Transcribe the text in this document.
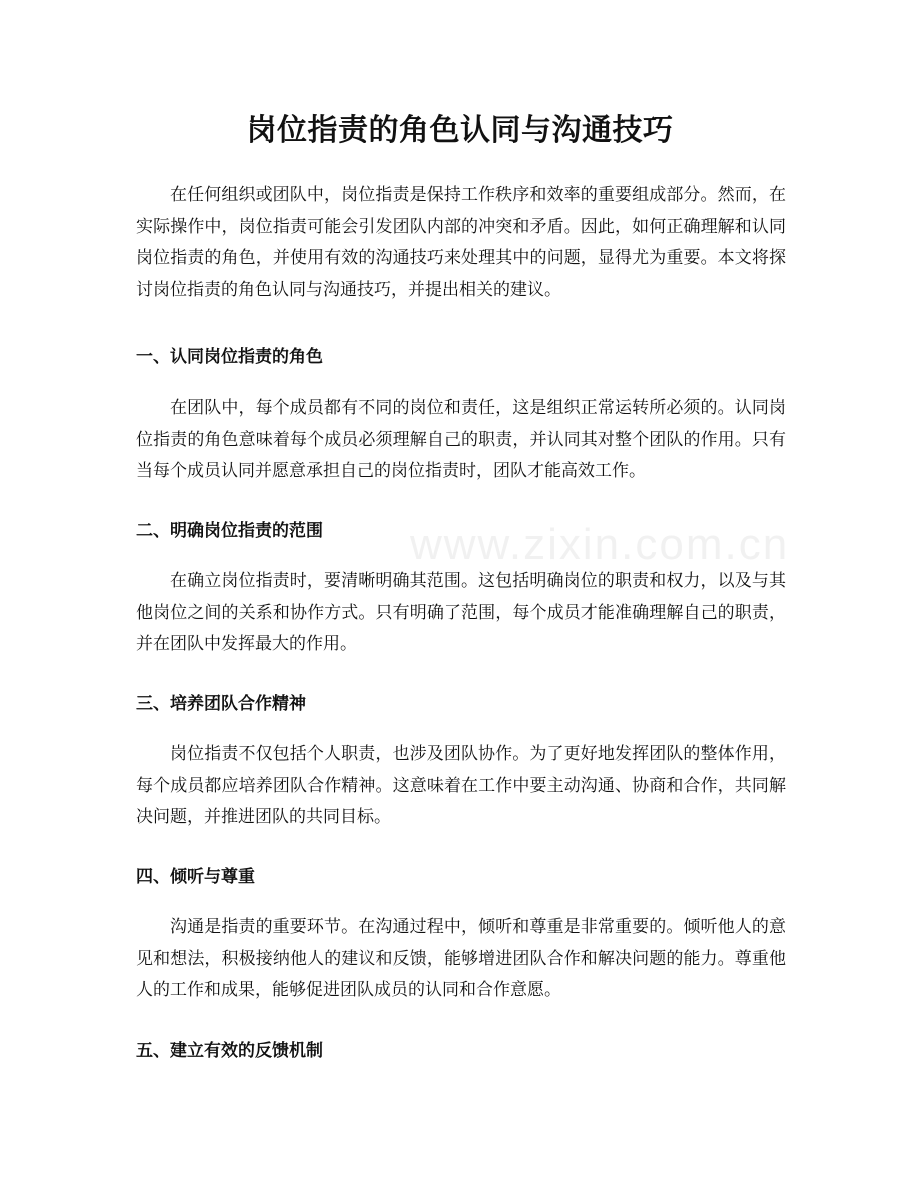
岗位指责的角色认同与沟通技巧
在任何组织或团队中，岗位指责是保持工作秩序和效率的重要组成部分。然而，在实际操作中，岗位指责可能会引发团队内部的冲突和矛盾。因此，如何正确理解和认同岗位指责的角色，并使用有效的沟通技巧来处理其中的问题，显得尤为重要。本文将探讨岗位指责的角色认同与沟通技巧，并提出相关的建议。
一、认同岗位指责的角色
在团队中，每个成员都有不同的岗位和责任，这是组织正常运转所必须的。认同岗位指责的角色意味着每个成员必须理解自己的职责，并认同其对整个团队的作用。只有当每个成员认同并愿意承担自己的岗位指责时，团队才能高效工作。
二、明确岗位指责的范围
在确立岗位指责时，要清晰明确其范围。这包括明确岗位的职责和权力，以及与其他岗位之间的关系和协作方式。只有明确了范围，每个成员才能准确理解自己的职责，并在团队中发挥最大的作用。
三、培养团队合作精神
岗位指责不仅包括个人职责，也涉及团队协作。为了更好地发挥团队的整体作用，每个成员都应培养团队合作精神。这意味着在工作中要主动沟通、协商和合作，共同解决问题，并推进团队的共同目标。
四、倾听与尊重
沟通是指责的重要环节。在沟通过程中，倾听和尊重是非常重要的。倾听他人的意见和想法，积极接纳他人的建议和反馈，能够增进团队合作和解决问题的能力。尊重他人的工作和成果，能够促进团队成员的认同和合作意愿。
五、建立有效的反馈机制
www.zixin.com.cn
